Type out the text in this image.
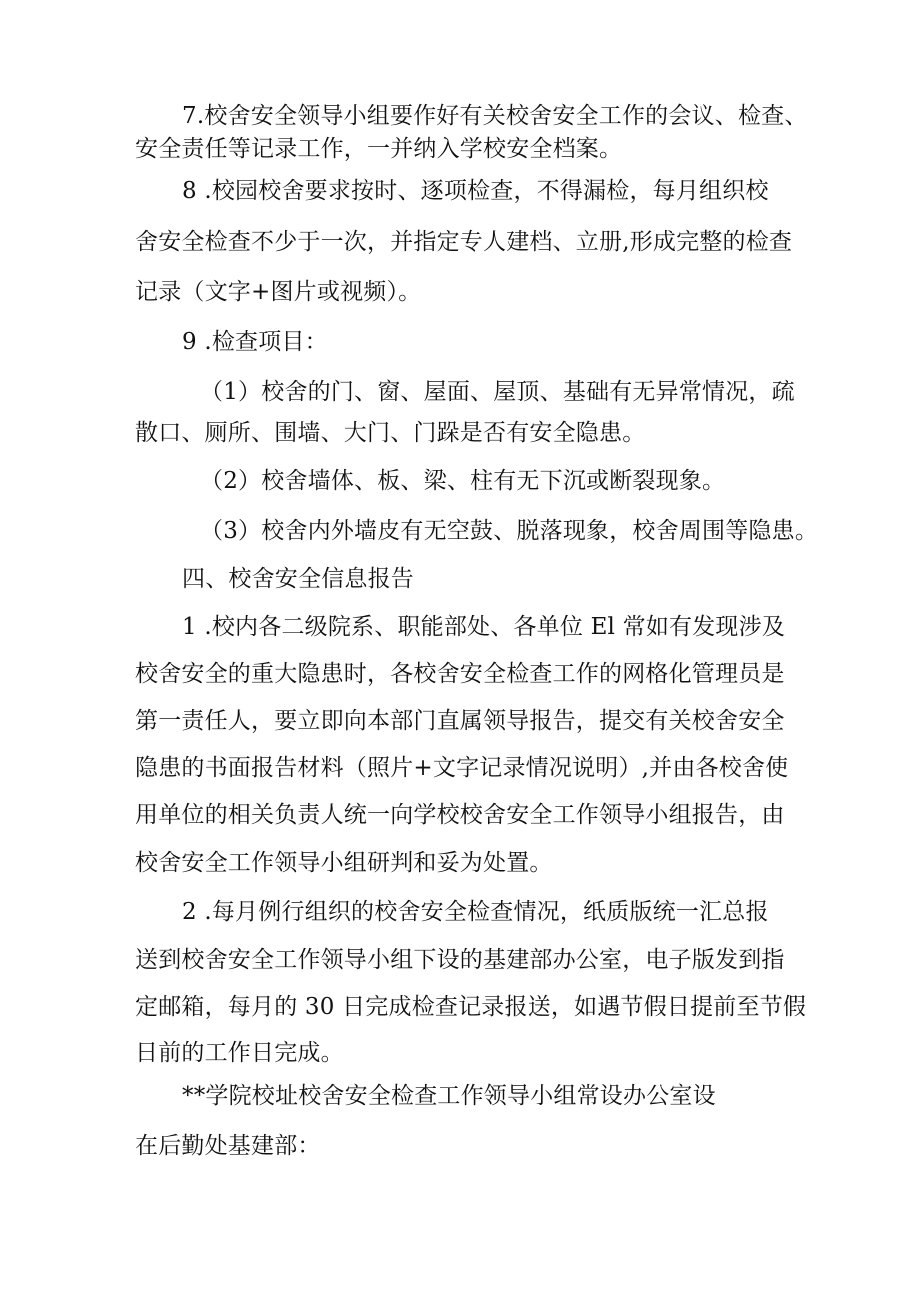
7.校舍安全领导小组要作好有关校舍安全工作的会议、检查、
安全责任等记录工作，一并纳入学校安全档案。
8 .校园校舍要求按时、逐项检查，不得漏检，每月组织校
舍安全检查不少于一次，并指定专人建档、立册,形成完整的检查
记录（文字+图片或视频）。
9 .检查项目：
（1）校舍的门、窗、屋面、屋顶、基础有无异常情况，疏
散口、厕所、围墙、大门、门跺是否有安全隐患。
（2）校舍墙体、板、梁、柱有无下沉或断裂现象。
（3）校舍内外墙皮有无空鼓、脱落现象，校舍周围等隐患。
四、校舍安全信息报告
1 .校内各二级院系、职能部处、各单位 El 常如有发现涉及
校舍安全的重大隐患时，各校舍安全检查工作的网格化管理员是
第一责任人，要立即向本部门直属领导报告，提交有关校舍安全
隐患的书面报告材料（照片+文字记录情况说明）,并由各校舍使
用单位的相关负责人统一向学校校舍安全工作领导小组报告，由
校舍安全工作领导小组研判和妥为处置。
2 .每月例行组织的校舍安全检查情况，纸质版统一汇总报
送到校舍安全工作领导小组下设的基建部办公室，电子版发到指
定邮箱，每月的 30 日完成检查记录报送，如遇节假日提前至节假
日前的工作日完成。
**学院校址校舍安全检查工作领导小组常设办公室设
在后勤处基建部：
